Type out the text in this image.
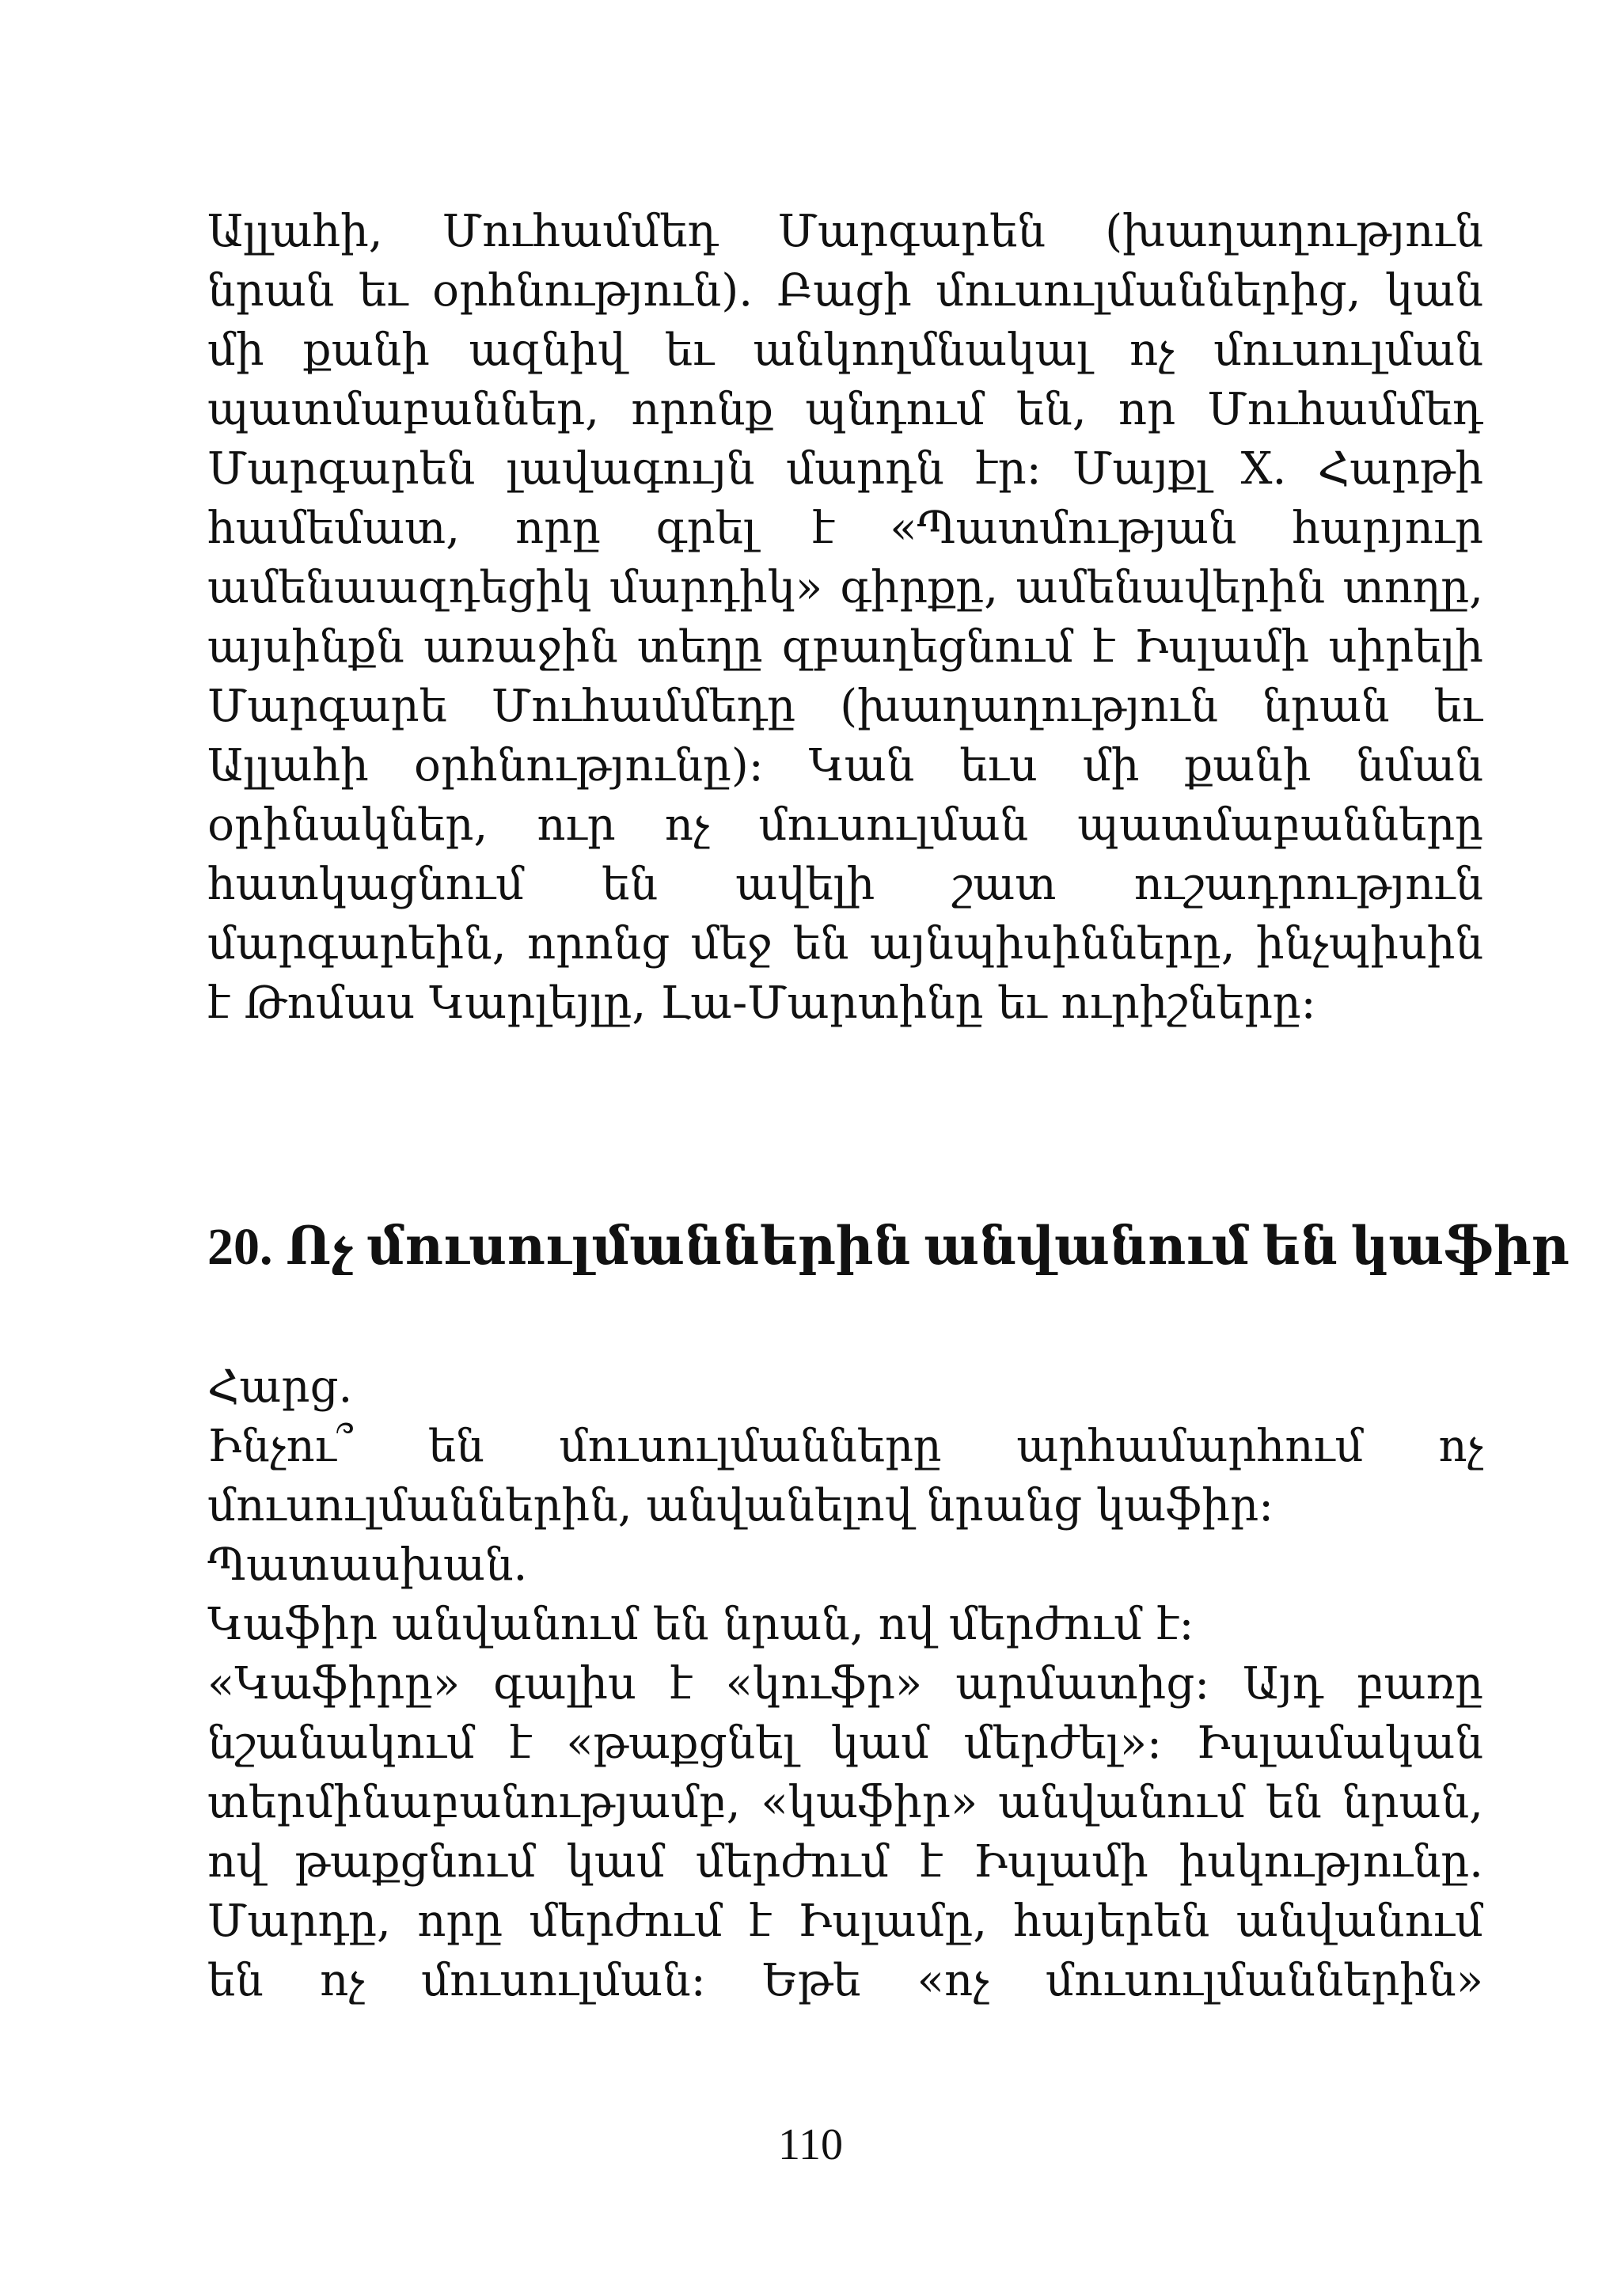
Ալլահի, Մուհամմեդ Մարգարեն (խաղաղություն
նրան եւ օրհնություն). Բացի մուսուլմաններից, կան
մի քանի ազնիվ եւ անկողմնակալ ոչ մուսուլման
պատմաբաններ, որոնք պնդում են, որ Մուհամմեդ
Մարգարեն լավագույն մարդն էր: Մայքլ Х. Հարթի
համեմատ, որը գրել է «Պատմության հարյուր
ամենաազդեցիկ մարդիկ» գիրքը, ամենավերին տողը,
այսինքն առաջին տեղը զբաղեցնում է Իսլամի սիրելի
Մարգարե Մուհամմեդը (խաղաղություն նրան եւ
Ալլահի օրհնությունը): Կան եւս մի քանի նման
օրինակներ, ուր ոչ մուսուլման պատմաբանները
հատկացնում են ավելի շատ ուշադրություն
մարգարեին, որոնց մեջ են այնպիսինները, ինչպիսին
է Թոմաս Կարլեյլը, Լա-Մարտինը եւ ուրիշները:
20. Ոչ մուսուլմաններին անվանում են կաֆիր
Հարց.
Ինչու՞ են մուսուլմանները արհամարհում ոչ
մուսուլմաններին, անվանելով նրանց կաֆիր:
Պատասխան.
Կաֆիր անվանում են նրան, ով մերժում է:
«Կաֆիրը» գալիս է «կուֆր» արմատից: Այդ բառը
նշանակում է «թաքցնել կամ մերժել»: Իսլամական
տերմինաբանությամբ, «կաֆիր» անվանում են նրան,
ով թաքցնում կամ մերժում է Իսլամի իսկությունը.
Մարդը, որը մերժում է Իսլամը, հայերեն անվանում
են ոչ մուսուլման: Եթե «ոչ մուսուլմաններին»
110
